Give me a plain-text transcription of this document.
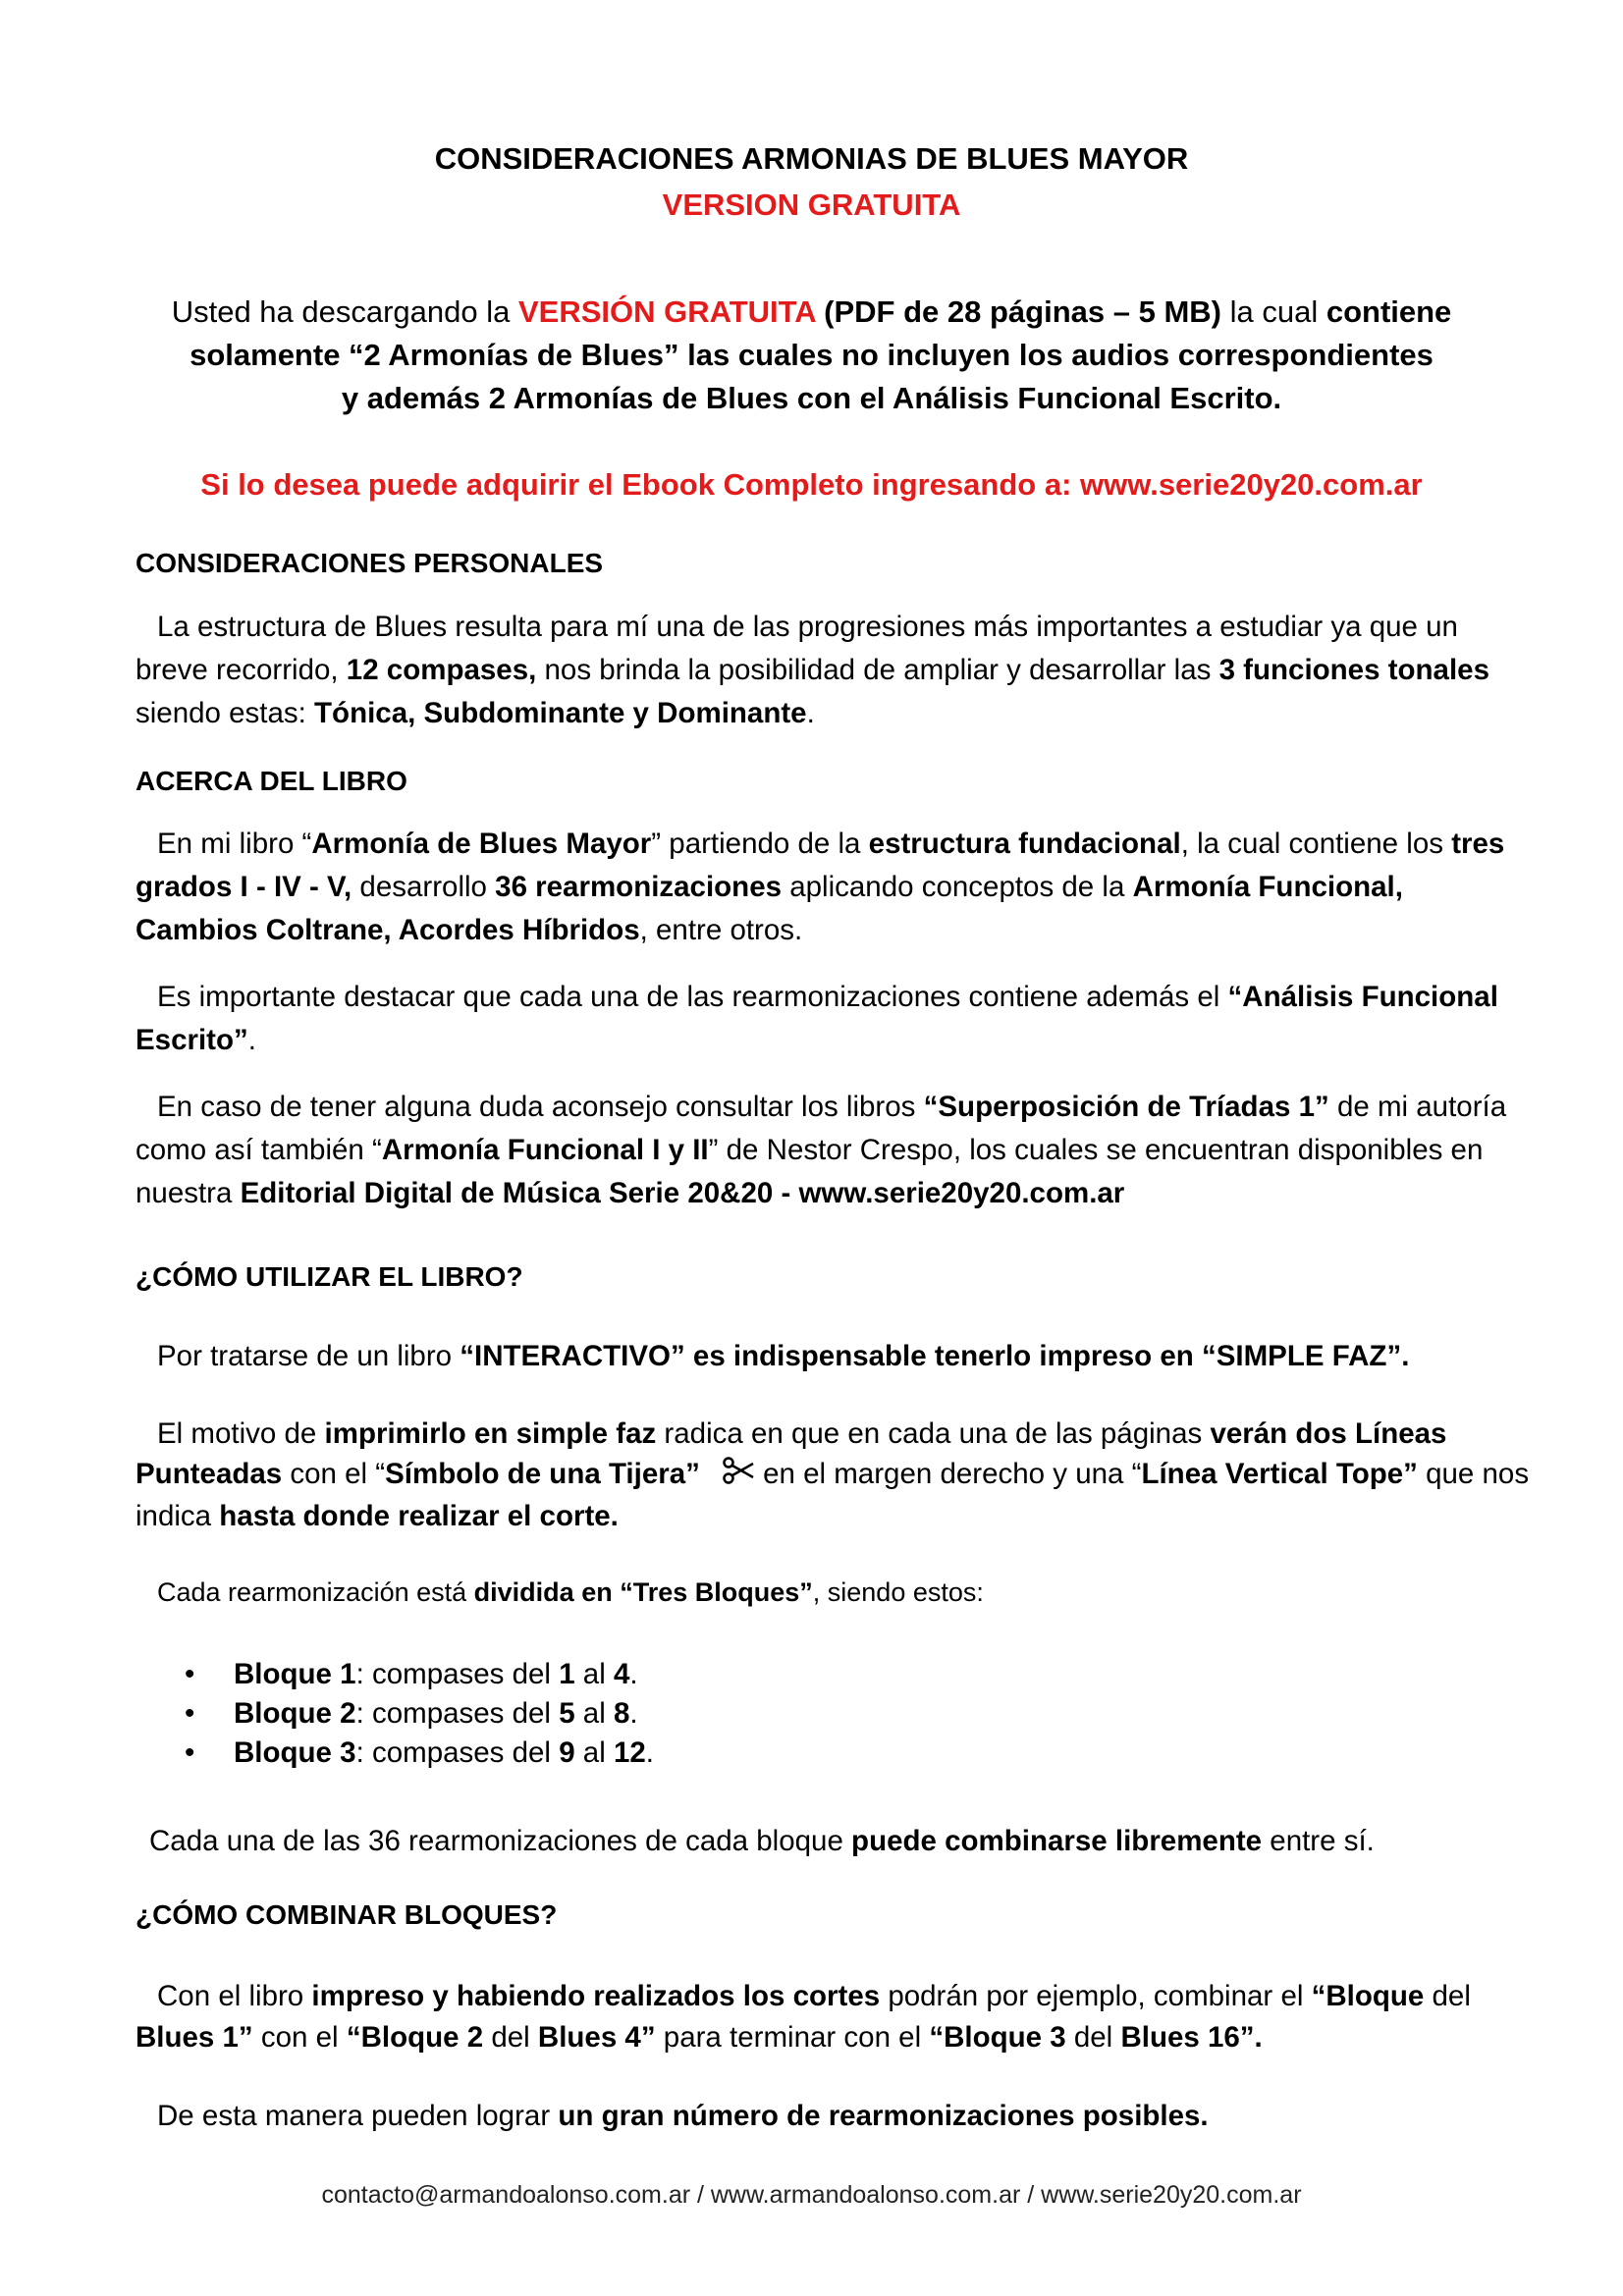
CONSIDERACIONES ARMONIAS DE BLUES MAYOR
VERSION GRATUITA
Usted ha descargando la VERSIÓN GRATUITA (PDF de 28 páginas – 5 MB) la cual contiene
solamente “2 Armonías de Blues” las cuales no incluyen los audios correspondientes
y además 2 Armonías de Blues con el Análisis Funcional Escrito.
Si lo desea puede adquirir el Ebook Completo ingresando a: www.serie20y20.com.ar
CONSIDERACIONES PERSONALES
La estructura de Blues resulta para mí una de las progresiones más importantes a estudiar ya que un breve recorrido, 12 compases, nos brinda la posibilidad de ampliar y desarrollar las 3 funciones tonales siendo estas: Tónica, Subdominante y Dominante.
ACERCA DEL LIBRO
En mi libro “Armonía de Blues Mayor” partiendo de la estructura fundacional, la cual contiene los tres grados I - IV - V, desarrollo 36 rearmonizaciones aplicando conceptos de la Armonía Funcional, Cambios Coltrane, Acordes Híbridos, entre otros.
Es importante destacar que cada una de las rearmonizaciones contiene además el “Análisis Funcional Escrito”.
En caso de tener alguna duda aconsejo consultar los libros “Superposición de Tríadas 1” de mi autoría como así también “Armonía Funcional I y II” de Nestor Crespo, los cuales se encuentran disponibles en nuestra Editorial Digital de Música Serie 20&20 - www.serie20y20.com.ar
¿CÓMO UTILIZAR EL LIBRO?
Por tratarse de un libro “INTERACTIVO” es indispensable tenerlo impreso en “SIMPLE FAZ”.
El motivo de imprimirlo en simple faz radica en que en cada una de las páginas verán dos Líneas Punteadas con el “Símbolo de una Tijera” en el margen derecho y una “Línea Vertical Tope” que nos indica hasta donde realizar el corte.
Cada rearmonización está dividida en “Tres Bloques”, siendo estos:
• Bloque 1: compases del 1 al 4.
• Bloque 2: compases del 5 al 8.
• Bloque 3: compases del 9 al 12.
Cada una de las 36 rearmonizaciones de cada bloque puede combinarse libremente entre sí.
¿CÓMO COMBINAR BLOQUES?
Con el libro impreso y habiendo realizados los cortes podrán por ejemplo, combinar el “Bloque del Blues 1” con el “Bloque 2 del Blues 4” para terminar con el “Bloque 3 del Blues 16”.
De esta manera pueden lograr un gran número de rearmonizaciones posibles.
contacto@armandoalonso.com.ar / www.armandoalonso.com.ar / www.serie20y20.com.ar
